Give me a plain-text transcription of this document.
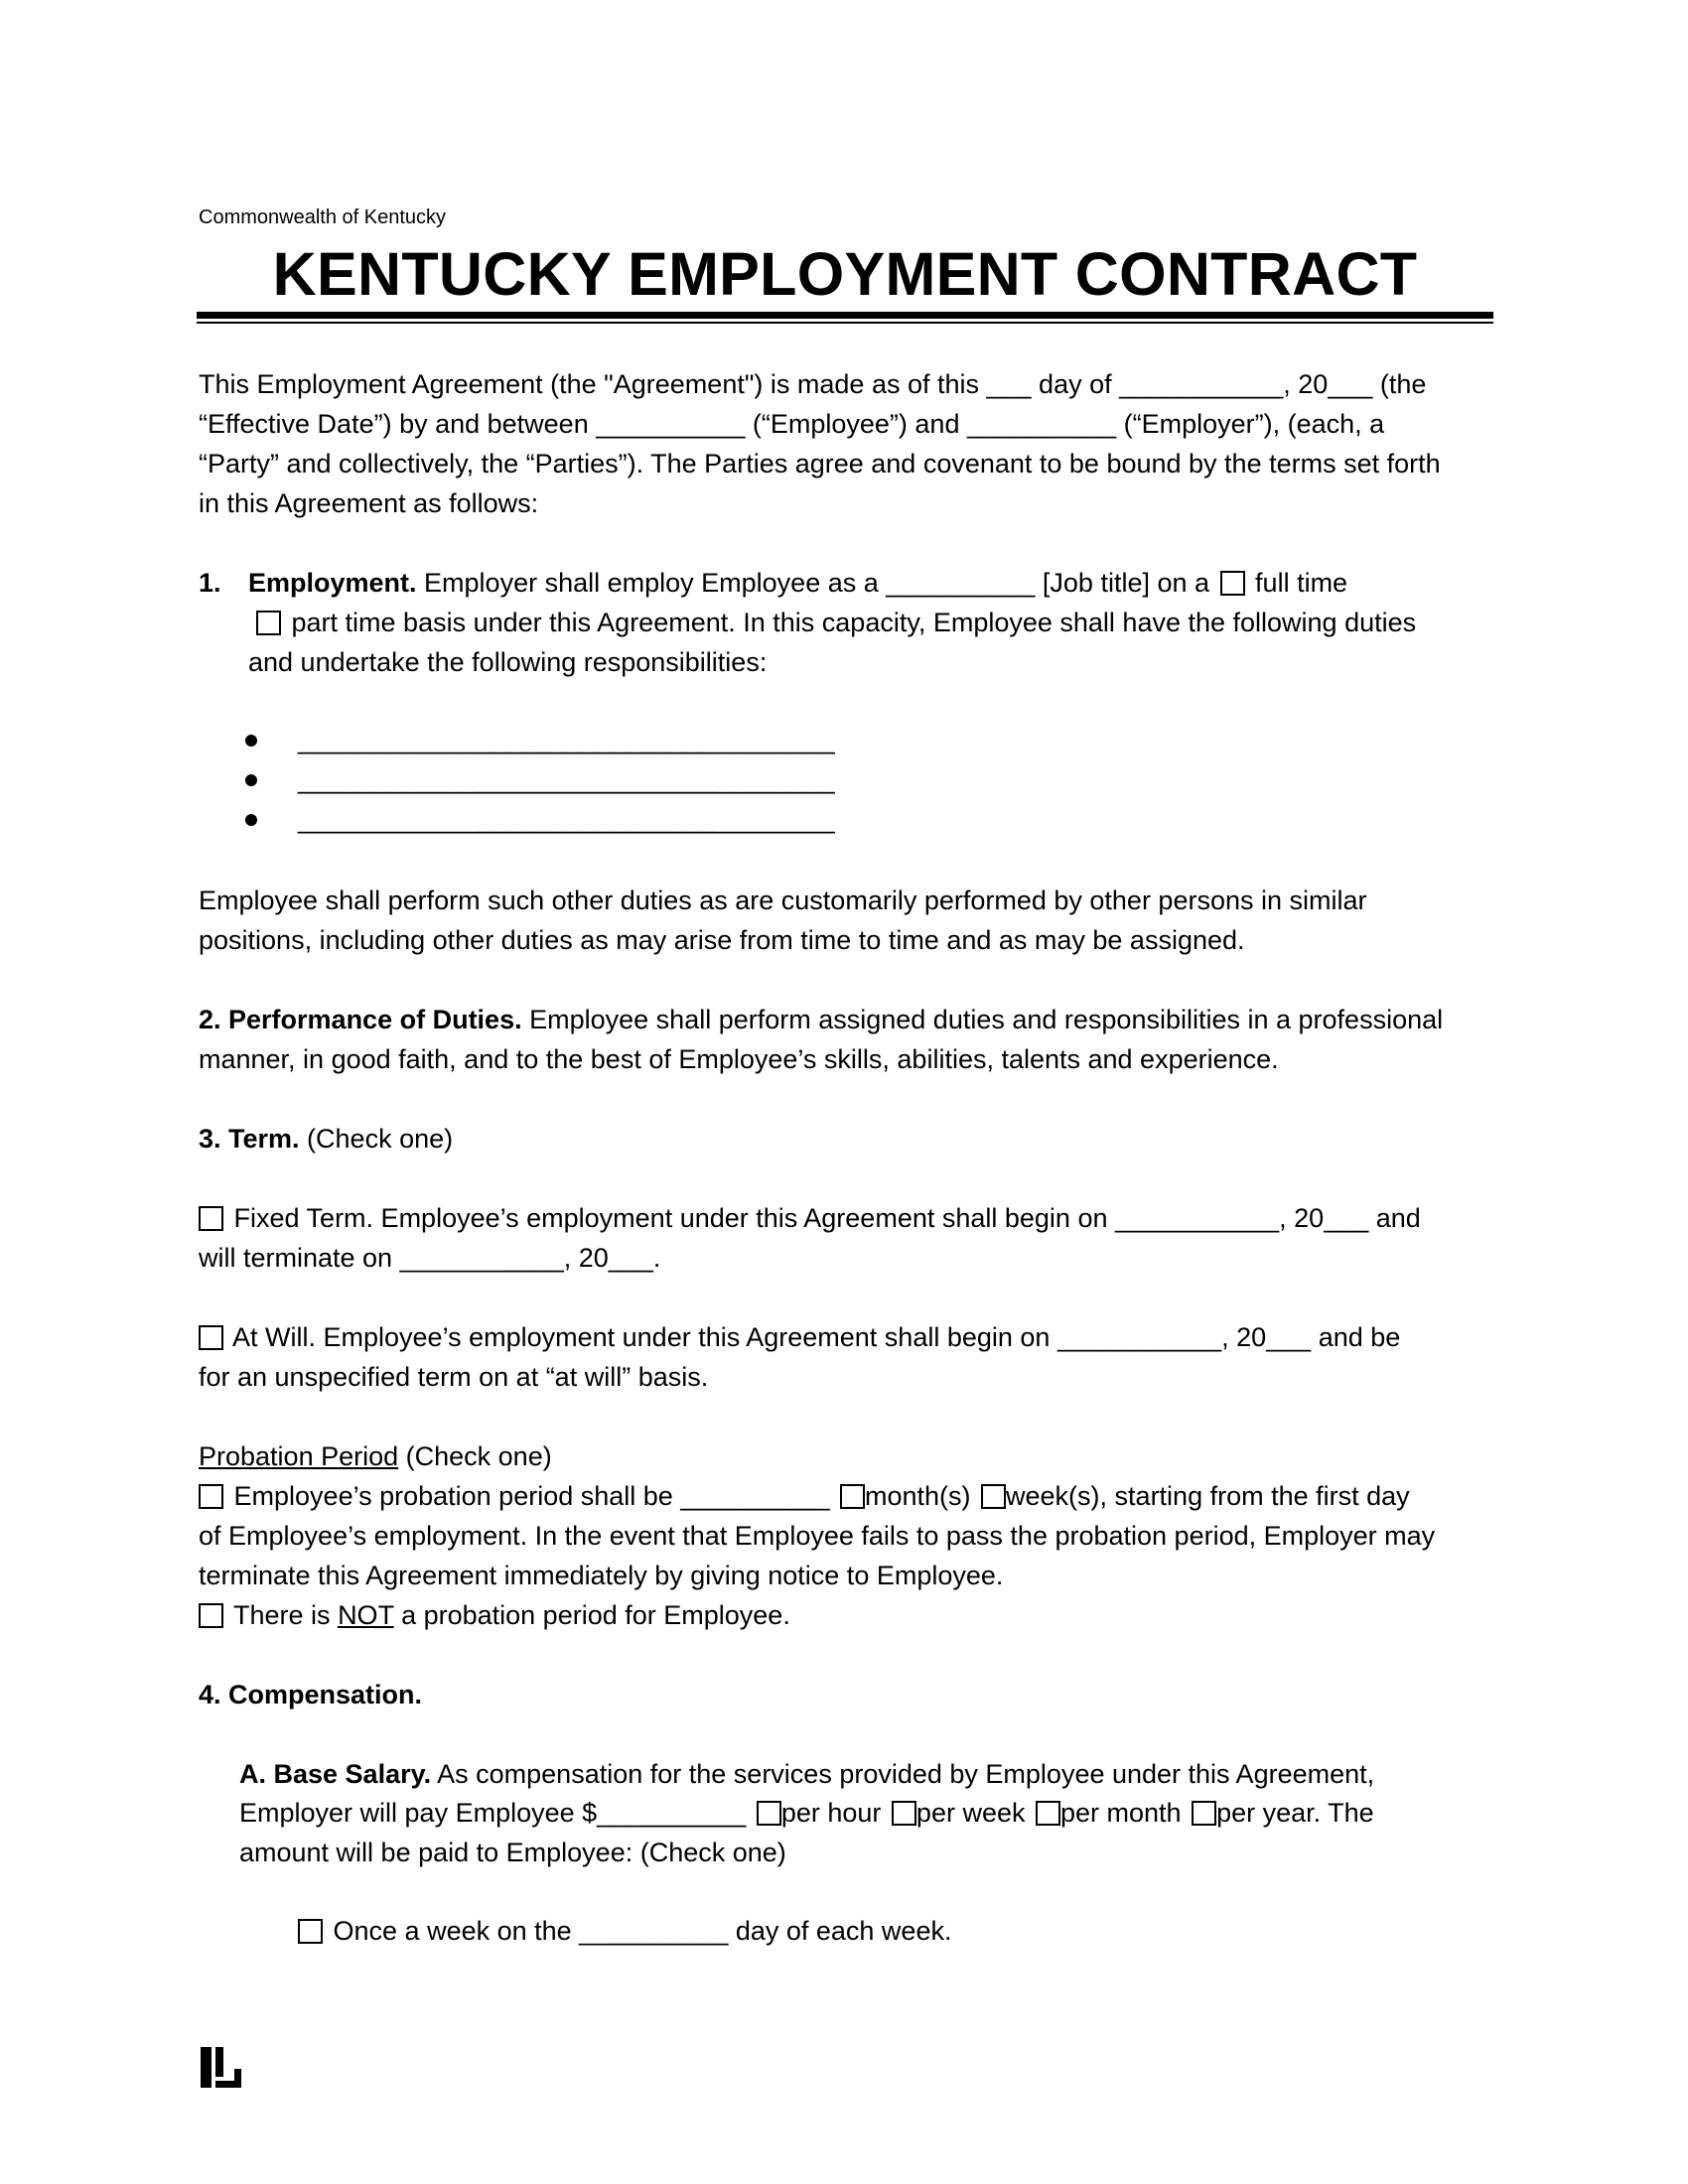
Commonwealth of Kentucky
KENTUCKY EMPLOYMENT CONTRACT
This Employment Agreement (the "Agreement") is made as of this ___ day of ___________, 20___ (the
“Effective Date”) by and between __________ (“Employee”) and __________ (“Employer”), (each, a
“Party” and collectively, the “Parties”). The Parties agree and covenant to be bound by the terms set forth
in this Agreement as follows:
1. Employment. Employer shall employ Employee as a __________ [Job title] on a full time
part time basis under this Agreement. In this capacity, Employee shall have the following duties
and undertake the following responsibilities:
____________________________________
____________________________________
____________________________________
Employee shall perform such other duties as are customarily performed by other persons in similar
positions, including other duties as may arise from time to time and as may be assigned.
2. Performance of Duties. Employee shall perform assigned duties and responsibilities in a professional
manner, in good faith, and to the best of Employee’s skills, abilities, talents and experience.
3. Term. (Check one)
Fixed Term. Employee’s employment under this Agreement shall begin on ___________, 20___ and
will terminate on ___________, 20___.
At Will. Employee’s employment under this Agreement shall begin on ___________, 20___ and be
for an unspecified term on at “at will” basis.
Probation Period (Check one)
Employee’s probation period shall be __________ month(s) week(s), starting from the first day
of Employee’s employment. In the event that Employee fails to pass the probation period, Employer may
terminate this Agreement immediately by giving notice to Employee.
There is NOT a probation period for Employee.
4. Compensation.
A. Base Salary. As compensation for the services provided by Employee under this Agreement,
Employer will pay Employee $__________ per hour per week per month per year. The
amount will be paid to Employee: (Check one)
Once a week on the __________ day of each week.
